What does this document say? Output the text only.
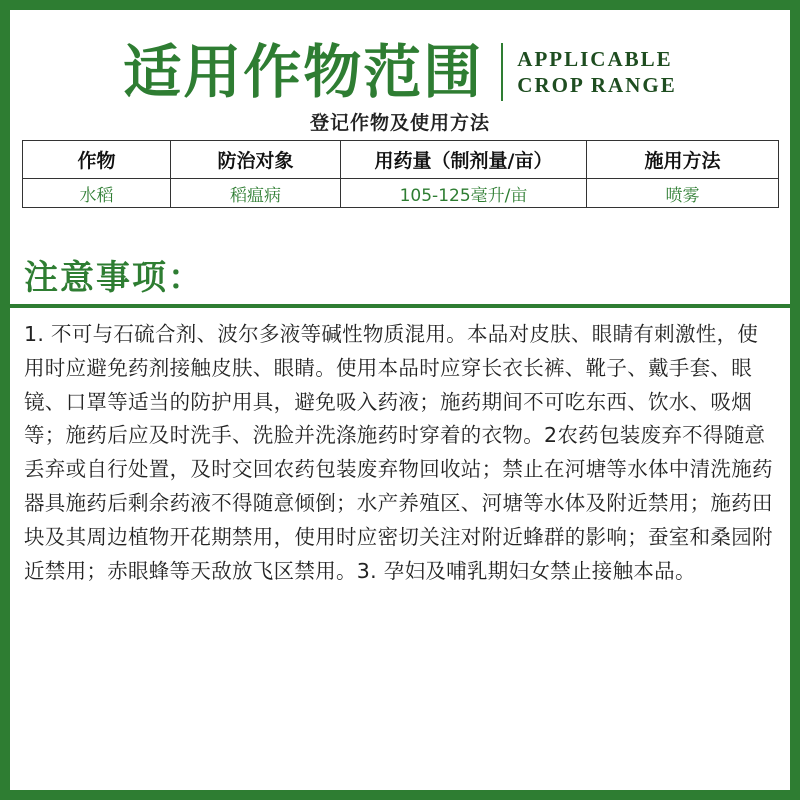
适用作物范围 APPLICABLE
CROP RANGE
登记作物及使用方法
作物	防治对象	用药量（制剂量/亩）	施用方法
水稻	稻瘟病	105-125毫升/亩	喷雾
注意事项：
1. 不可与石硫合剂、波尔多液等碱性物质混用。本品对皮肤、眼睛有刺激性，使用时应避免药剂接触皮肤、眼睛。使用本品时应穿长衣长裤、靴子、戴手套、眼镜、口罩等适当的防护用具，避免吸入药液；施药期间不可吃东西、饮水、吸烟等；施药后应及时洗手、洗脸并洗涤施药时穿着的衣物。2农药包装废弃不得随意丢弃或自行处置，及时交回农药包装废弃物回收站；禁止在河塘等水体中清洗施药器具施药后剩余药液不得随意倾倒；水产养殖区、河塘等水体及附近禁用；施药田块及其周边植物开花期禁用，使用时应密切关注对附近蜂群的影响；蚕室和桑园附近禁用；赤眼蜂等天敌放飞区禁用。3. 孕妇及哺乳期妇女禁止接触本品。
